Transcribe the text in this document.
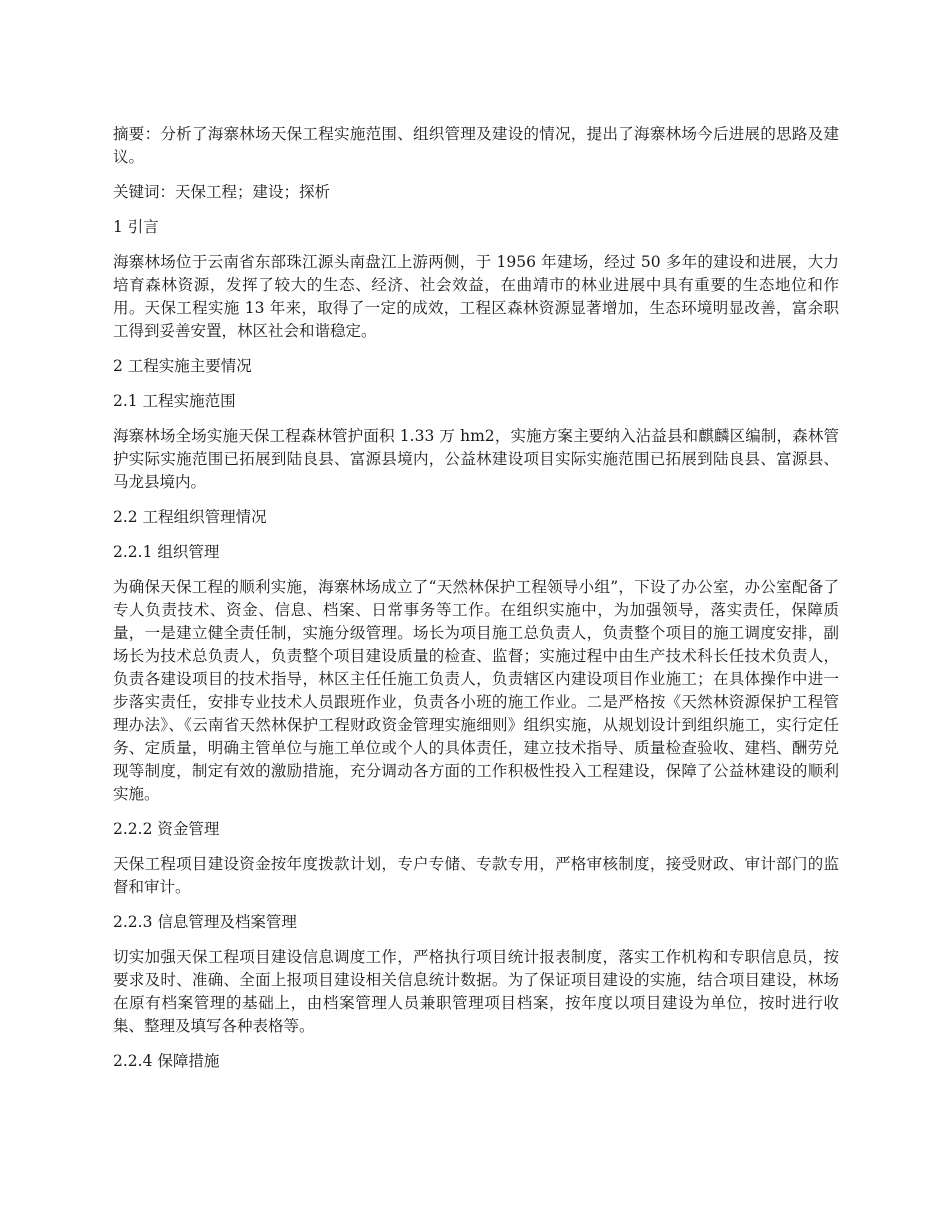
摘要：分析了海寨林场天保工程实施范围、组织管理及建设的情况，提出了海寨林场今后进展的思路及建议。

关键词：天保工程；建设；探析

1 引言

海寨林场位于云南省东部珠江源头南盘江上游两侧，于 1956 年建场，经过 50 多年的建设和进展，大力培育森林资源，发挥了较大的生态、经济、社会效益，在曲靖市的林业进展中具有重要的生态地位和作用。天保工程实施 13 年来，取得了一定的成效，工程区森林资源显著增加，生态环境明显改善，富余职工得到妥善安置，林区社会和谐稳定。

2 工程实施主要情况

2.1 工程实施范围

海寨林场全场实施天保工程森林管护面积 1.33 万 hm2，实施方案主要纳入沾益县和麒麟区编制，森林管护实际实施范围已拓展到陆良县、富源县境内，公益林建设项目实际实施范围已拓展到陆良县、富源县、马龙县境内。

2.2 工程组织管理情况

2.2.1 组织管理

为确保天保工程的顺利实施，海寨林场成立了“天然林保护工程领导小组”，下设了办公室，办公室配备了专人负责技术、资金、信息、档案、日常事务等工作。在组织实施中，为加强领导，落实责任，保障质量，一是建立健全责任制，实施分级管理。场长为项目施工总负责人，负责整个项目的施工调度安排，副场长为技术总负责人，负责整个项目建设质量的检查、监督；实施过程中由生产技术科长任技术负责人，负责各建设项目的技术指导，林区主任任施工负责人，负责辖区内建设项目作业施工；在具体操作中进一步落实责任，安排专业技术人员跟班作业，负责各小班的施工作业。二是严格按《天然林资源保护工程管理办法》、《云南省天然林保护工程财政资金管理实施细则》组织实施，从规划设计到组织施工，实行定任务、定质量，明确主管单位与施工单位或个人的具体责任，建立技术指导、质量检查验收、建档、酬劳兑现等制度，制定有效的激励措施，充分调动各方面的工作积极性投入工程建设，保障了公益林建设的顺利实施。

2.2.2 资金管理

天保工程项目建设资金按年度拨款计划，专户专储、专款专用，严格审核制度，接受财政、审计部门的监督和审计。

2.2.3 信息管理及档案管理

切实加强天保工程项目建设信息调度工作，严格执行项目统计报表制度，落实工作机构和专职信息员，按要求及时、准确、全面上报项目建设相关信息统计数据。为了保证项目建设的实施，结合项目建设，林场在原有档案管理的基础上，由档案管理人员兼职管理项目档案，按年度以项目建设为单位，按时进行收集、整理及填写各种表格等。

2.2.4 保障措施
